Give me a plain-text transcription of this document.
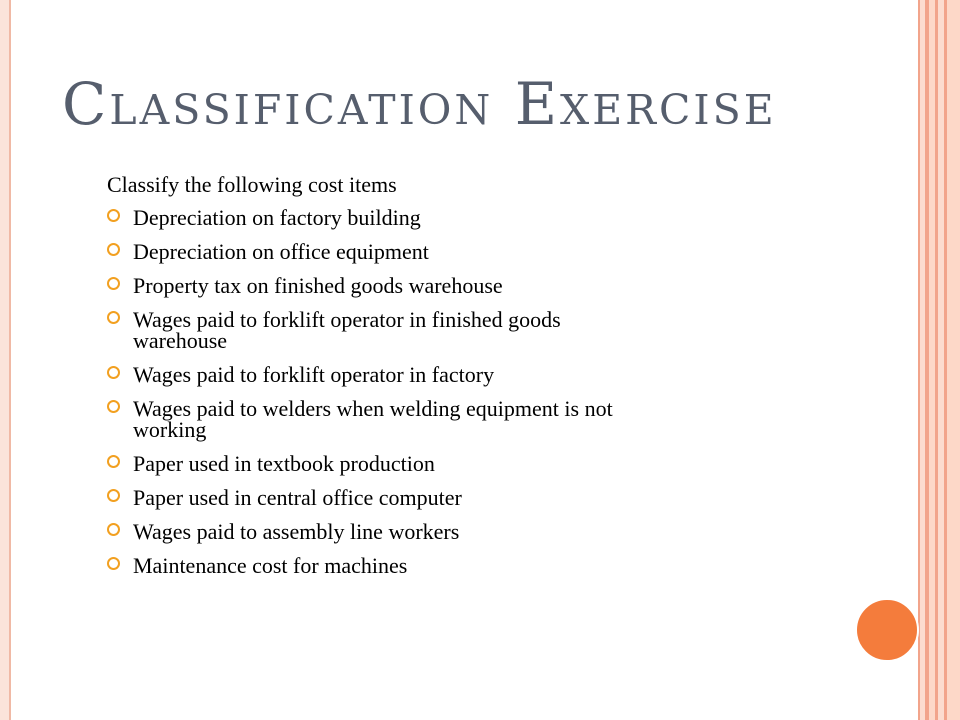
Classification Exercise

Classify the following cost items

Depreciation on factory building
Depreciation on office equipment
Property tax on finished goods warehouse
Wages paid to forklift operator in finished goods warehouse
Wages paid to forklift operator in factory
Wages paid to welders when welding equipment is not working
Paper used in textbook production
Paper used in central office computer
Wages paid to assembly line workers
Maintenance cost for machines
